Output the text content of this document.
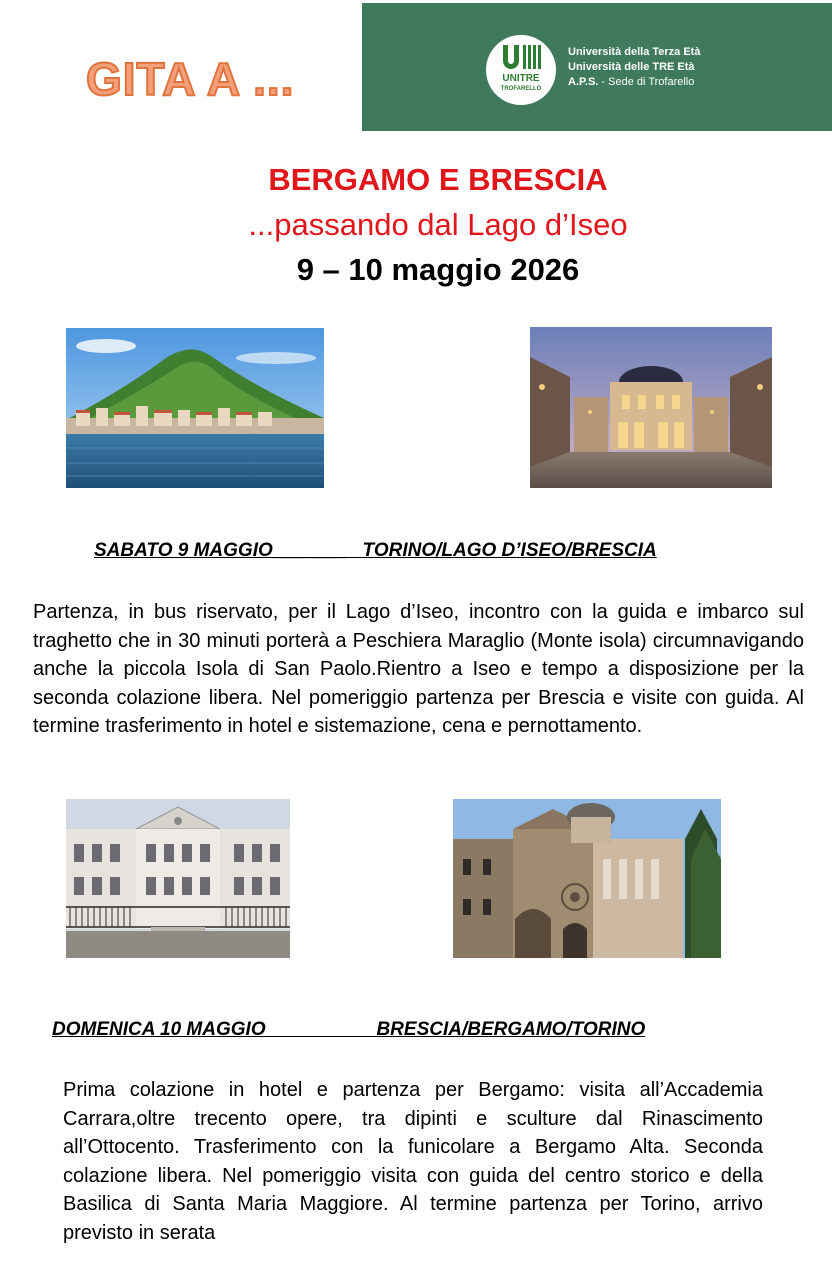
GITA A ...	UNITRE
TROFARELLO
Università della Terza Età
Università delle TRE Età
A.P.S. - Sede di Trofarello
BERGAMO E BRESCIA
...passando dal Lago d’Iseo
9 – 10 maggio 2026
SABATO 9 MAGGIO_______   TORINO/LAGO D’ISEO/BRESCIA
Partenza, in bus riservato, per il Lago d’Iseo, incontro con la guida e imbarco sul traghetto che in 30 minuti porterà a Peschiera Maraglio (Monte isola) circumnavigando anche la piccola Isola di San Paolo.Rientro a Iseo e tempo a disposizione per la seconda colazione libera. Nel pomeriggio partenza per Brescia e visite con guida. Al termine trasferimento in hotel e sistemazione, cena e pernottamento.
DOMENICA 10 MAGGIO                     BRESCIA/BERGAMO/TORINO
Prima colazione in hotel e partenza per Bergamo: visita all’Accademia Carrara,oltre trecento opere, tra dipinti e sculture dal Rinascimento all’Ottocento. Trasferimento con la funicolare a Bergamo Alta. Seconda colazione libera. Nel pomeriggio visita con guida del centro storico e della Basilica di Santa Maria Maggiore. Al termine partenza per Torino, arrivo previsto in serata
